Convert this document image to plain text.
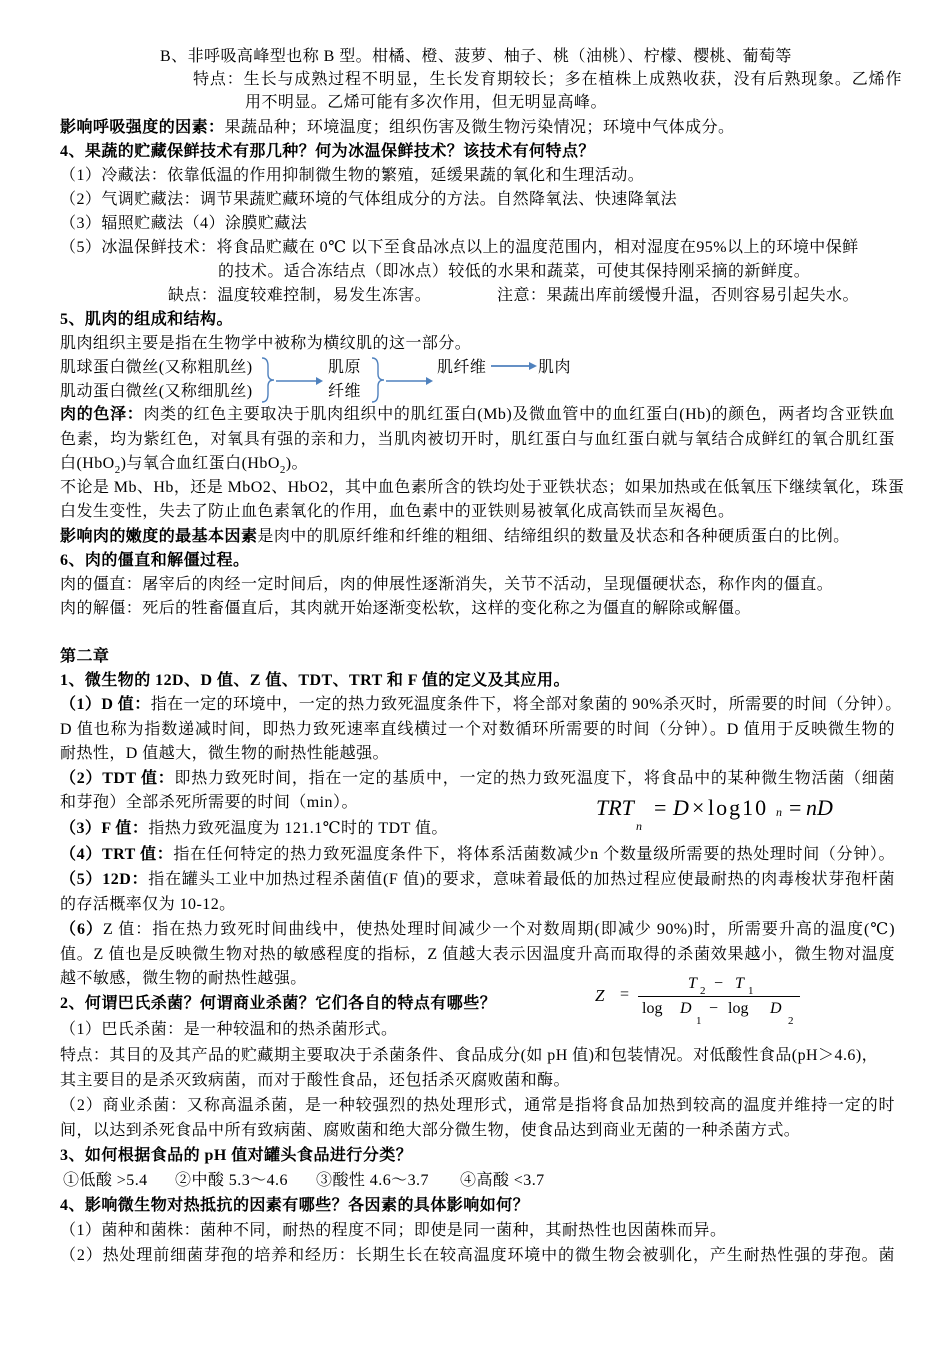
B、非呼吸高峰型也称 B 型。柑橘、橙、菠萝、柚子、桃（油桃）、柠檬、樱桃、葡萄等
特点：生长与成熟过程不明显，生长发育期较长；多在植株上成熟收获，没有后熟现象。乙烯作
用不明显。乙烯可能有多次作用，但无明显高峰。
影响呼吸强度的因素：果蔬品种；环境温度；组织伤害及微生物污染情况；环境中气体成分。
4、果蔬的贮藏保鲜技术有那几种？何为冰温保鲜技术？该技术有何特点？
（1）冷藏法：依靠低温的作用抑制微生物的繁殖，延缓果蔬的氧化和生理活动。
（2）气调贮藏法：调节果蔬贮藏环境的气体组成分的方法。自然降氧法、快速降氧法
（3）辐照贮藏法（4）涂膜贮藏法
（5）冰温保鲜技术：将食品贮藏在 0℃ 以下至食品冰点以上的温度范围内，相对湿度在95%以上的环境中保鲜
的技术。适合冻结点（即冰点）较低的水果和蔬菜，可使其保持刚采摘的新鲜度。
缺点：温度较难控制，易发生冻害。	注意：果蔬出库前缓慢升温，否则容易引起失水。
5、肌肉的组成和结构。
肌肉组织主要是指在生物学中被称为横纹肌的这一部分。
肌球蛋白微丝(又称粗肌丝)
肌动蛋白微丝(又称细肌丝)
肌原
纤维
肌纤维	肌肉
肉的色泽：肉类的红色主要取决于肌肉组织中的肌红蛋白(Mb)及微血管中的血红蛋白(Hb)的颜色，两者均含亚铁血
色素，均为紫红色，对氧具有强的亲和力，当肌肉被切开时，肌红蛋白与血红蛋白就与氧结合成鲜红的氧合肌红蛋
白(HbO$_2$)与氧合血红蛋白(HbO$_2$)。
不论是 Mb、Hb，还是 MbO2、HbO2，其中血色素所含的铁均处于亚铁状态；如果加热或在低氧压下继续氧化，珠蛋
白发生变性，失去了防止血色素氧化的作用，血色素中的亚铁则易被氧化成高铁而呈灰褐色。
影响肉的嫩度的最基本因素是肉中的肌原纤维和纤维的粗细、结缔组织的数量及状态和各种硬质蛋白的比例。
6、肉的僵直和解僵过程。
肉的僵直：屠宰后的肉经一定时间后，肉的伸展性逐渐消失，关节不活动，呈现僵硬状态，称作肉的僵直。
肉的解僵：死后的牲畜僵直后，其肉就开始逐渐变松软，这样的变化称之为僵直的解除或解僵。
第二章
1、微生物的 12D、D 值、Z 值、TDT、TRT 和 F 值的定义及其应用。
（1）D 值：指在一定的环境中，一定的热力致死温度条件下，将全部对象菌的 90%杀灭时，所需要的时间（分钟）。
D 值也称为指数递减时间，即热力致死速率直线横过一个对数循环所需要的时间（分钟）。D 值用于反映微生物的
耐热性，D 值越大，微生物的耐热性能越强。
（2）TDT 值：即热力致死时间，指在一定的基质中，一定的热力致死温度下，将食品中的某种微生物活菌（细菌
和芽孢）全部杀死所需要的时间（min）。	TRT
n
= D × log10 n = nD
（3）F 值：指热力致死温度为 121.1℃时的 TDT 值。
（4）TRT 值：指在任何特定的热力致死温度条件下，将体系活菌数减少n 个数量级所需要的热处理时间（分钟）。
（5）12D：指在罐头工业中加热过程杀菌值(F 值)的要求，意味着最低的加热过程应使最耐热的肉毒梭状芽孢杆菌
的存活概率仅为 10-12。
（6）Z 值：指在热力致死时间曲线中，使热处理时间减少一个对数周期(即减少 90%)时，所需要升高的温度(℃)
值。Z 值也是反映微生物对热的敏感程度的指标，Z 值越大表示因温度升高而取得的杀菌效果越小，微生物对温度
越不敏感，微生物的耐热性越强。
Z =
T 2 − T 1
log D
1
− log D
2
2、何谓巴氏杀菌？何谓商业杀菌？它们各自的特点有哪些？
（1）巴氏杀菌：是一种较温和的热杀菌形式。
特点：其目的及其产品的贮藏期主要取决于杀菌条件、食品成分(如 pH 值)和包装情况。对低酸性食品(pH＞4.6)，
其主要目的是杀灭致病菌，而对于酸性食品，还包括杀灭腐败菌和酶。
（2）商业杀菌：又称高温杀菌，是一种较强烈的热处理形式，通常是指将食品加热到较高的温度并维持一定的时
间，以达到杀死食品中所有致病菌、腐败菌和绝大部分微生物，使食品达到商业无菌的一种杀菌方式。
3、如何根据食品的 pH 值对罐头食品进行分类？
①低酸 >5.4 ②中酸 5.3～4.6 ③酸性 4.6～3.7 ④高酸 <3.7
4、影响微生物对热抵抗的因素有哪些？各因素的具体影响如何？
（1）菌种和菌株：菌种不同，耐热的程度不同；即使是同一菌种，其耐热性也因菌株而异。
（2）热处理前细菌芽孢的培养和经历：长期生长在较高温度环境中的微生物会被驯化，产生耐热性强的芽孢。菌
